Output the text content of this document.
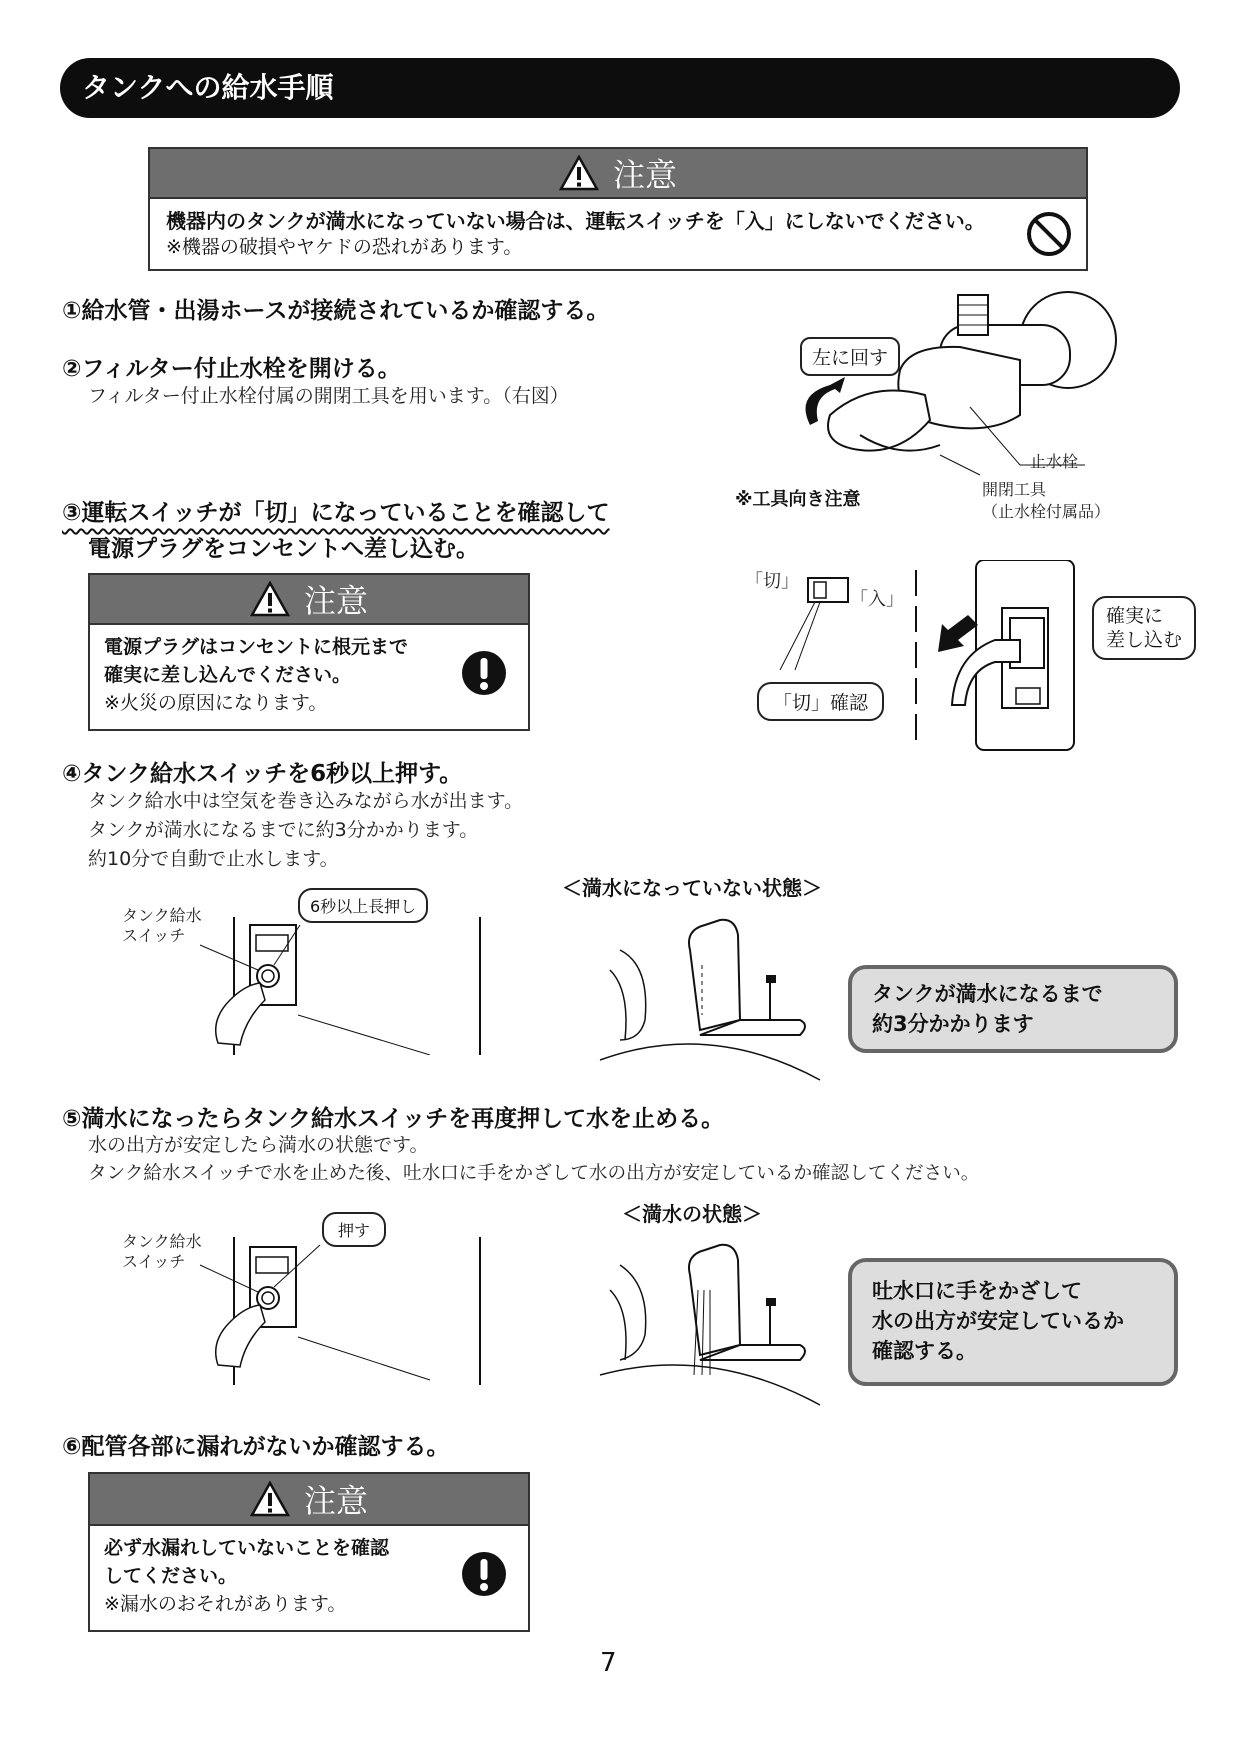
タンクへの給水手順
注意
機器内のタンクが満水になっていない場合は、運転スイッチを「入」にしないでください。
※機器の破損やヤケドの恐れがあります。
①給水管・出湯ホースが接続されているか確認する。
②フィルター付止水栓を開ける。
フィルター付止水栓付属の開閉工具を用います。（右図）
左に回す
止水栓
開閉工具
（止水栓付属品）
※工具向き注意
③運転スイッチが「切」になっていることを確認して
電源プラグをコンセントへ差し込む。
注意
電源プラグはコンセントに根元まで
確実に差し込んでください。
※火災の原因になります。
「切」
「入」
「切」確認
確実に
差し込む
④タンク給水スイッチを6秒以上押す。
タンク給水中は空気を巻き込みながら水が出ます。
タンクが満水になるまでに約3分かかります。
約10分で自動で止水します。
タンク給水
スイッチ
6秒以上長押し
＜満水になっていない状態＞
タンクが満水になるまで
約3分かかります
⑤満水になったらタンク給水スイッチを再度押して水を止める。
水の出方が安定したら満水の状態です。
タンク給水スイッチで水を止めた後、吐水口に手をかざして水の出方が安定しているか確認してください。
タンク給水
スイッチ
押す
＜満水の状態＞
吐水口に手をかざして
水の出方が安定しているか
確認する。
⑥配管各部に漏れがないか確認する。
注意
必ず水漏れしていないことを確認
してください。
※漏水のおそれがあります。
7
